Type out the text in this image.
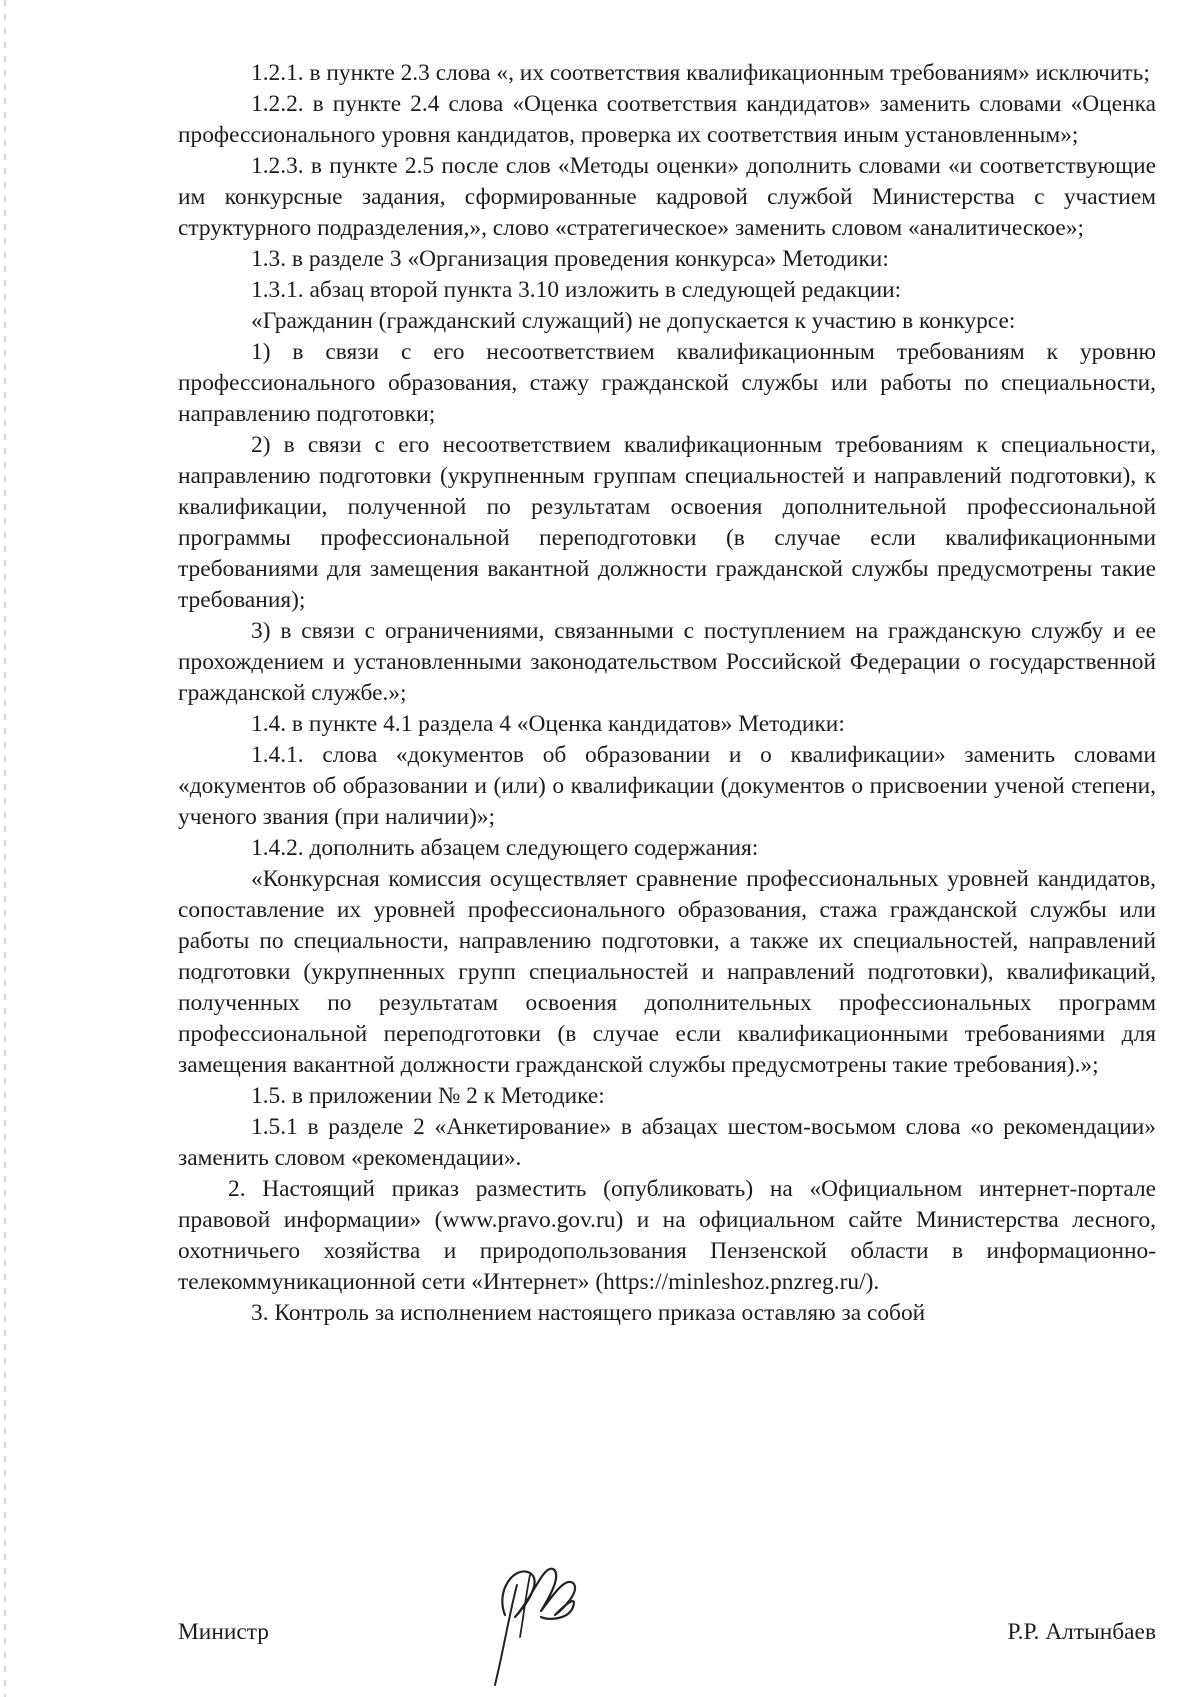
1.2.1. в пункте 2.3 слова «, их соответствия квалификационным требованиям» исключить;

1.2.2. в пункте 2.4 слова «Оценка соответствия кандидатов» заменить словами «Оценка профессионального уровня кандидатов, проверка их соответствия иным установленным»;

1.2.3. в пункте 2.5 после слов «Методы оценки» дополнить словами «и соответствующие им конкурсные задания, сформированные кадровой службой Министерства с участием структурного подразделения,», слово «стратегическое» заменить словом «аналитическое»;

1.3. в разделе 3 «Организация проведения конкурса» Методики:

1.3.1. абзац второй пункта 3.10 изложить в следующей редакции:

«Гражданин (гражданский служащий) не допускается к участию в конкурсе:

1) в связи с его несоответствием квалификационным требованиям к уровню профессионального образования, стажу гражданской службы или работы по специальности, направлению подготовки;

2) в связи с его несоответствием квалификационным требованиям к специальности, направлению подготовки (укрупненным группам специальностей и направлений подготовки), к квалификации, полученной по результатам освоения дополнительной профессиональной программы профессиональной переподготовки (в случае если квалификационными требованиями для замещения вакантной должности гражданской службы предусмотрены такие требования);

3) в связи с ограничениями, связанными с поступлением на гражданскую службу и ее прохождением и установленными законодательством Российской Федерации о государственной гражданской службе.»;

1.4. в пункте 4.1 раздела 4 «Оценка кандидатов» Методики:

1.4.1. слова «документов об образовании и о квалификации» заменить словами «документов об образовании и (или) о квалификации (документов о присвоении ученой степени, ученого звания (при наличии)»;

1.4.2. дополнить абзацем следующего содержания:

«Конкурсная комиссия осуществляет сравнение профессиональных уровней кандидатов, сопоставление их уровней профессионального образования, стажа гражданской службы или работы по специальности, направлению подготовки, а также их специальностей, направлений подготовки (укрупненных групп специальностей и направлений подготовки), квалификаций, полученных по результатам освоения дополнительных профессиональных программ профессиональной переподготовки (в случае если квалификационными требованиями для замещения вакантной должности гражданской службы предусмотрены такие требования).»;

1.5. в приложении № 2 к Методике:

1.5.1 в разделе 2 «Анкетирование» в абзацах шестом-восьмом слова «о рекомендации» заменить словом «рекомендации».

2. Настоящий приказ разместить (опубликовать) на «Официальном интернет-портале правовой информации» (www.pravo.gov.ru) и на официальном сайте Министерства лесного, охотничьего хозяйства и природопользования Пензенской области в информационно-телекоммуникационной сети «Интернет» (https://minleshoz.pnzreg.ru/).

3. Контроль за исполнением настоящего приказа оставляю за собой

Министр	Р.Р. Алтынбаев
